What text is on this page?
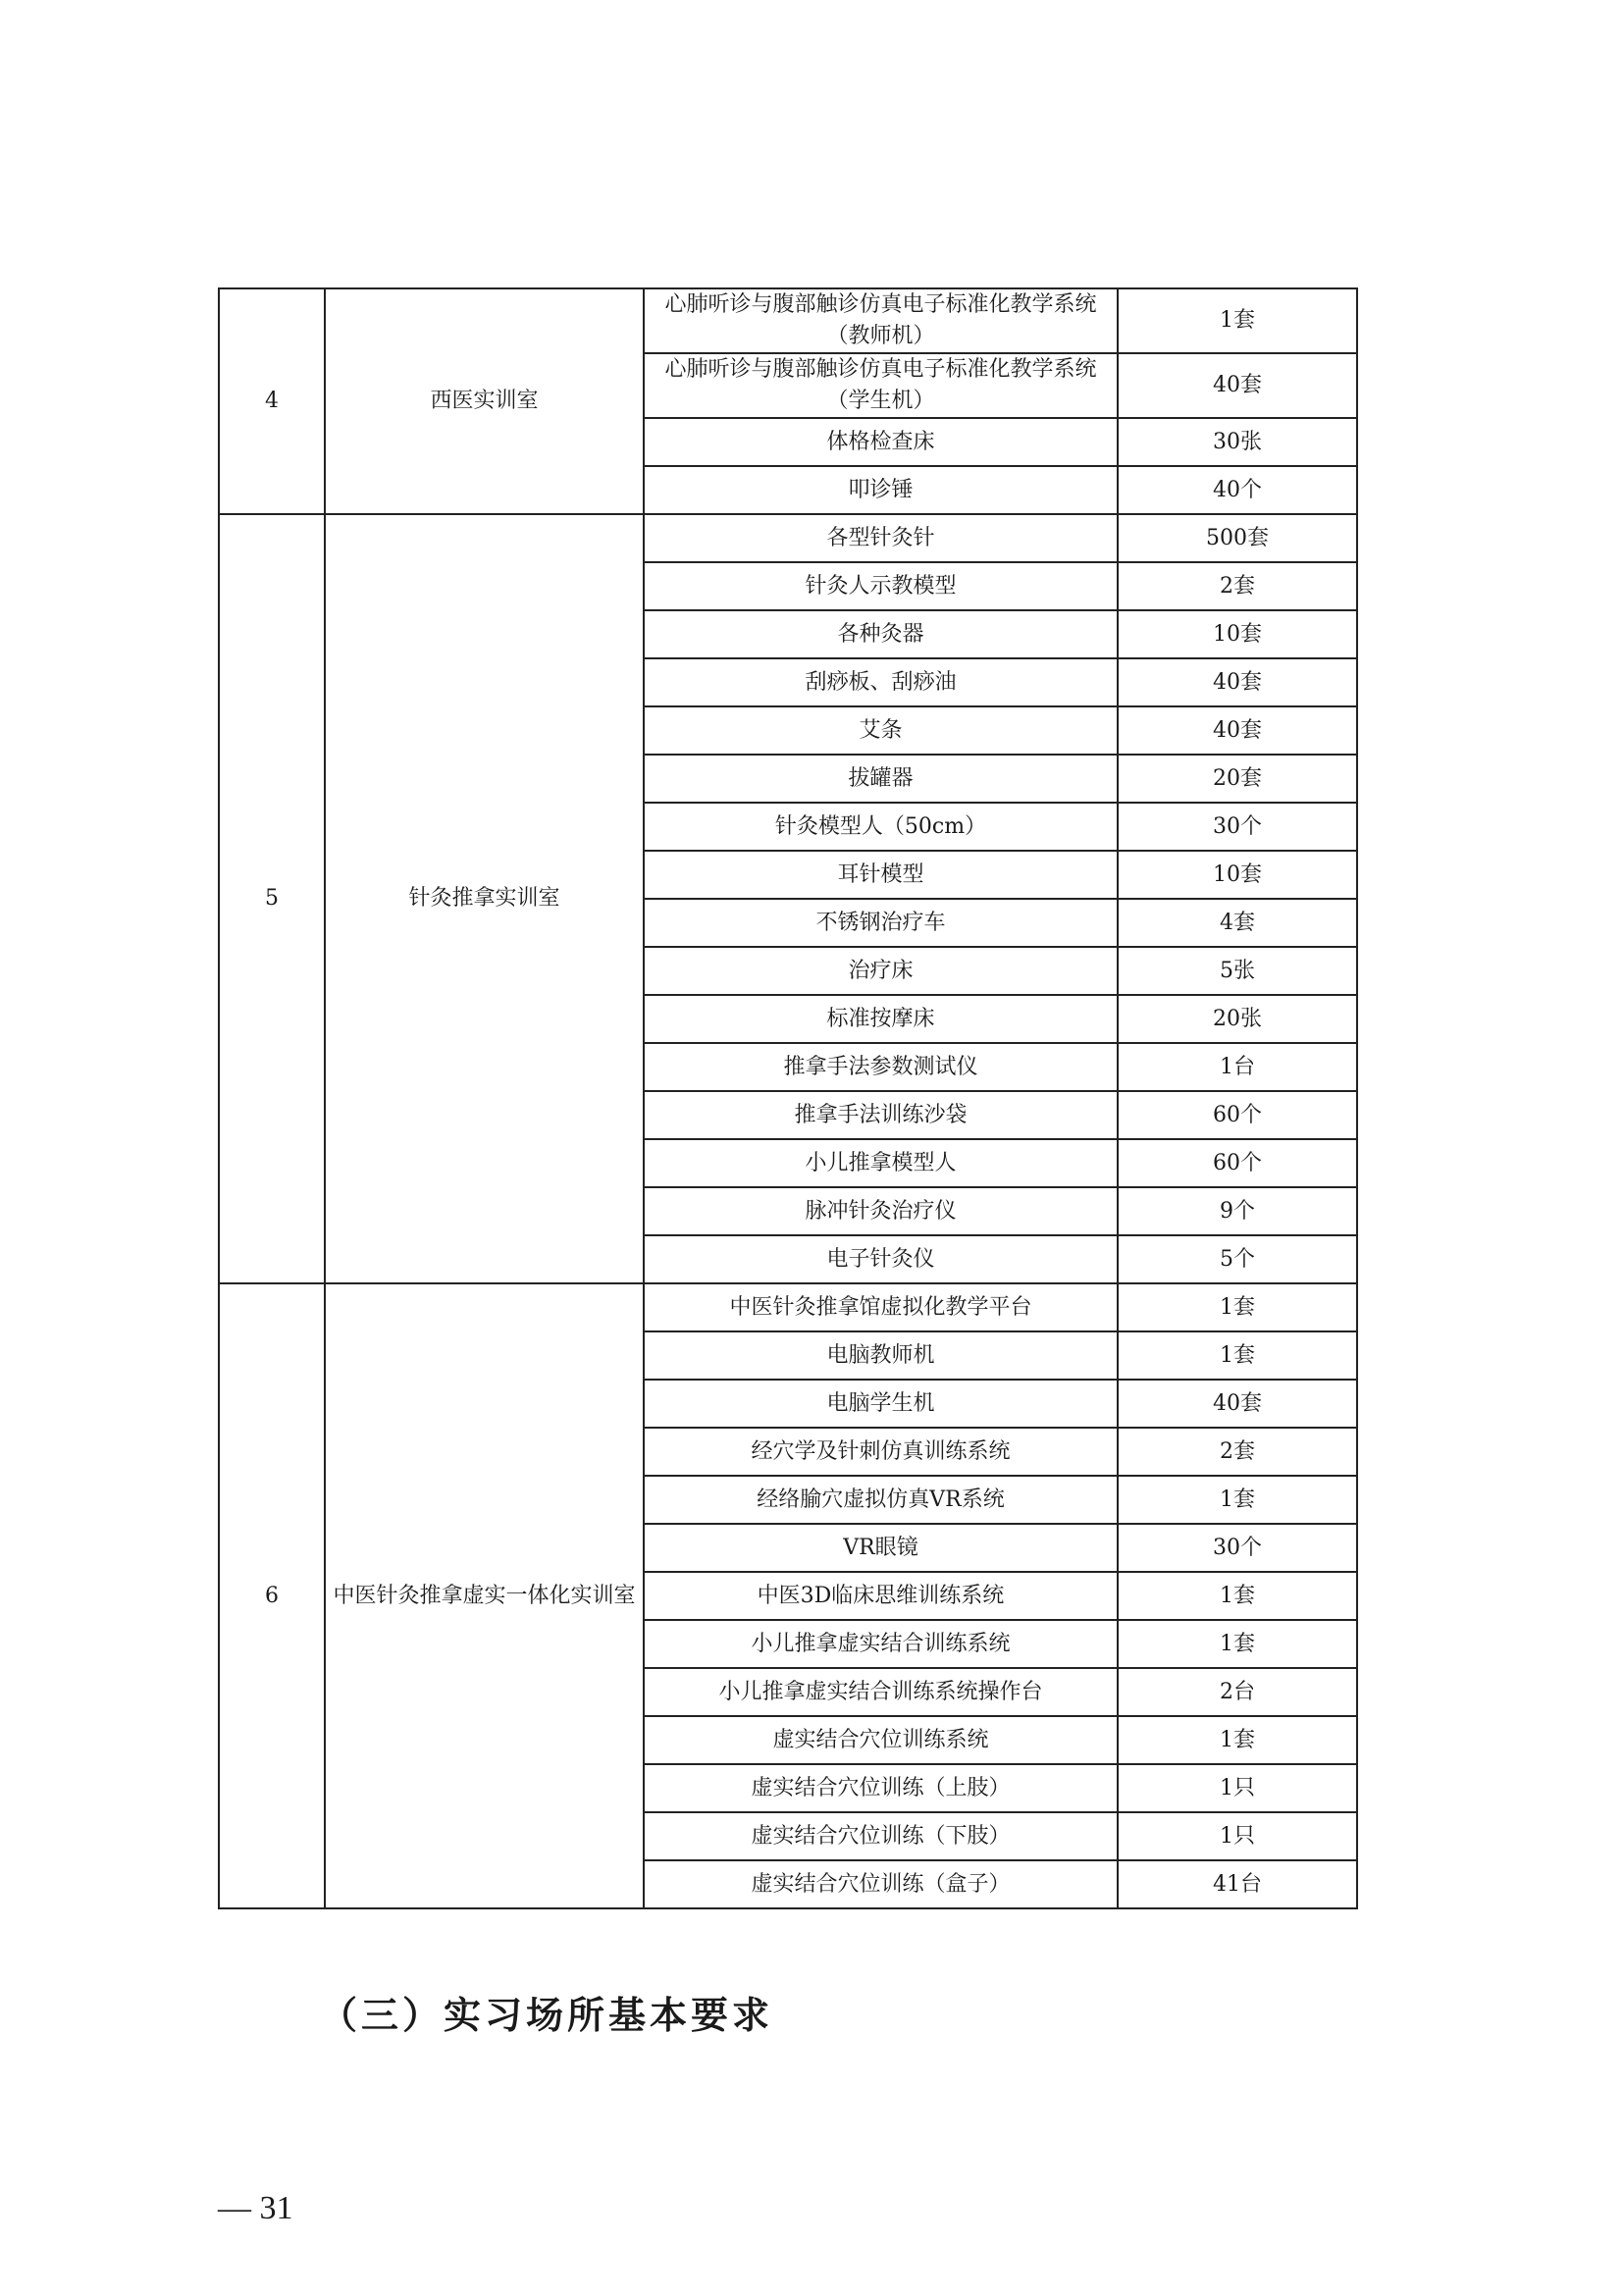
4	西医实训室	心肺听诊与腹部触诊仿真电子标准化教学系统（教师机）	1套
		心肺听诊与腹部触诊仿真电子标准化教学系统（学生机）	40套
		体格检查床	30张
		叩诊锤	40个
5	针灸推拿实训室	各型针灸针	500套
		针灸人示教模型	2套
		各种灸器	10套
		刮痧板、刮痧油	40套
		艾条	40套
		拔罐器	20套
		针灸模型人（50cm）	30个
		耳针模型	10套
		不锈钢治疗车	4套
		治疗床	5张
		标准按摩床	20张
		推拿手法参数测试仪	1台
		推拿手法训练沙袋	60个
		小儿推拿模型人	60个
		脉冲针灸治疗仪	9个
		电子针灸仪	5个
6	中医针灸推拿虚实一体化实训室	中医针灸推拿馆虚拟化教学平台	1套
		电脑教师机	1套
		电脑学生机	40套
		经穴学及针刺仿真训练系统	2套
		经络腧穴虚拟仿真VR系统	1套
		VR眼镜	30个
		中医3D临床思维训练系统	1套
		小儿推拿虚实结合训练系统	1套
		小儿推拿虚实结合训练系统操作台	2台
		虚实结合穴位训练系统	1套
		虚实结合穴位训练（上肢）	1只
		虚实结合穴位训练（下肢）	1只
		虚实结合穴位训练（盒子）	41台
（三）实习场所基本要求
— 31
